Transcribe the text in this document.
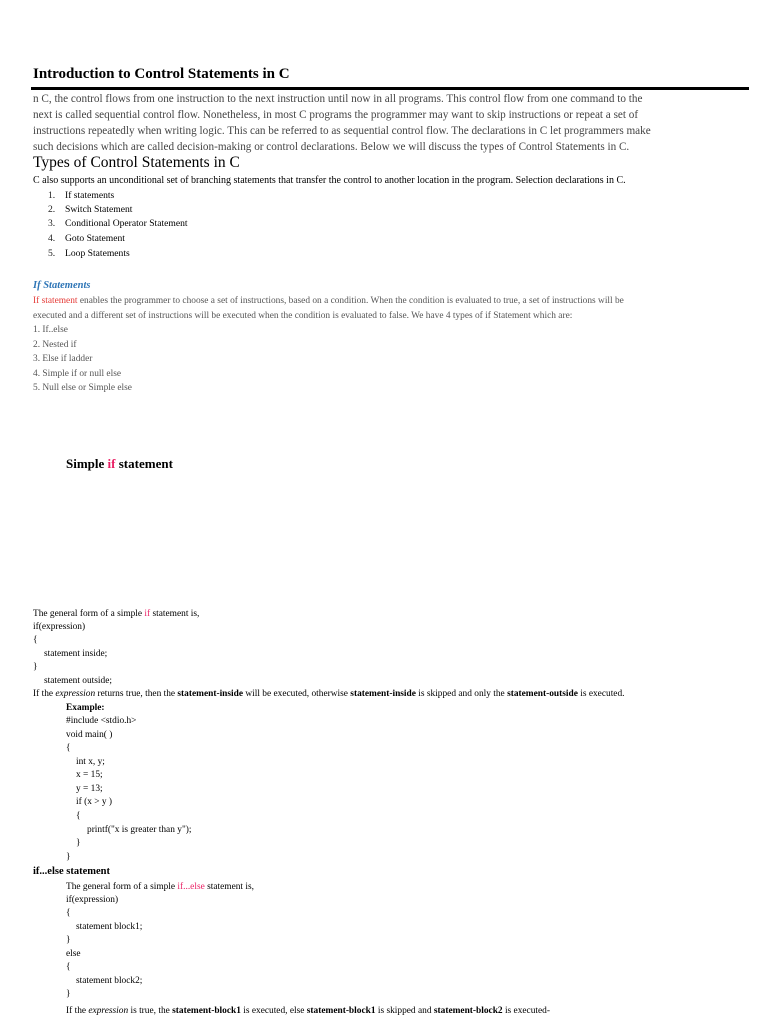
Introduction to Control Statements in C
n C, the control flows from one instruction to the next instruction until now in all programs. This control flow from one command to the
next is called sequential control flow. Nonetheless, in most C programs the programmer may want to skip instructions or repeat a set of
instructions repeatedly when writing logic. This can be referred to as sequential control flow. The declarations in C let programmers make
such decisions which are called decision-making or control declarations. Below we will discuss the types of Control Statements in C.
Types of Control Statements in C
C also supports an unconditional set of branching statements that transfer the control to another location in the program. Selection declarations in C.
1. If statements
2. Switch Statement
3. Conditional Operator Statement
4. Goto Statement
5. Loop Statements
If Statements
If statement enables the programmer to choose a set of instructions, based on a condition. When the condition is evaluated to true, a set of instructions will be
executed and a different set of instructions will be executed when the condition is evaluated to false. We have 4 types of if Statement which are:
1. If..else
2. Nested if
3. Else if ladder
4. Simple if or null else
5. Null else or Simple else
Simple if statement
The general form of a simple if statement is,
if(expression)
{
statement inside;
}
statement outside;
If the expression returns true, then the statement-inside will be executed, otherwise statement-inside is skipped and only the statement-outside is executed.
Example:
#include <stdio.h>
void main( )
{
int x, y;
x = 15;
y = 13;
if (x > y )
{
printf("x is greater than y");
}
}
if...else statement
The general form of a simple if...else statement is,
if(expression)
{
statement block1;
}
else
{
statement block2;
}
If the expression is true, the statement-block1 is executed, else statement-block1 is skipped and statement-block2 is executed-
